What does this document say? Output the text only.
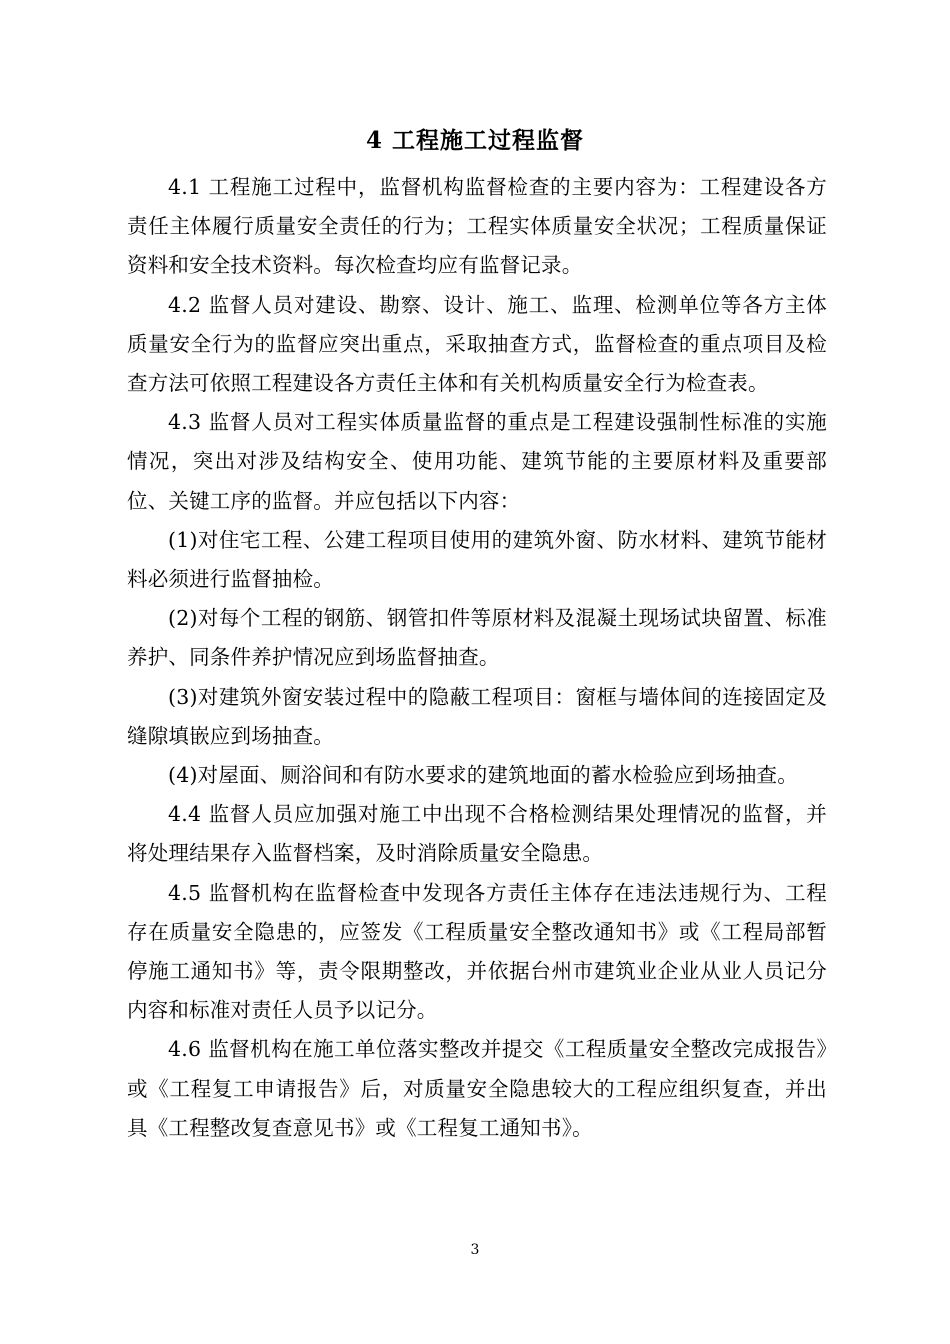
4 工程施工过程监督

4.1 工程施工过程中，监督机构监督检查的主要内容为：工程建设各方责任主体履行质量安全责任的行为；工程实体质量安全状况；工程质量保证资料和安全技术资料。每次检查均应有监督记录。

4.2 监督人员对建设、勘察、设计、施工、监理、检测单位等各方主体质量安全行为的监督应突出重点，采取抽查方式，监督检查的重点项目及检查方法可依照工程建设各方责任主体和有关机构质量安全行为检查表。

4.3 监督人员对工程实体质量监督的重点是工程建设强制性标准的实施情况，突出对涉及结构安全、使用功能、建筑节能的主要原材料及重要部位、关键工序的监督。并应包括以下内容：

(1)对住宅工程、公建工程项目使用的建筑外窗、防水材料、建筑节能材料必须进行监督抽检。

(2)对每个工程的钢筋、钢管扣件等原材料及混凝土现场试块留置、标准养护、同条件养护情况应到场监督抽查。

(3)对建筑外窗安装过程中的隐蔽工程项目：窗框与墙体间的连接固定及缝隙填嵌应到场抽查。

(4)对屋面、厕浴间和有防水要求的建筑地面的蓄水检验应到场抽查。

4.4 监督人员应加强对施工中出现不合格检测结果处理情况的监督，并将处理结果存入监督档案，及时消除质量安全隐患。

4.5 监督机构在监督检查中发现各方责任主体存在违法违规行为、工程存在质量安全隐患的，应签发《工程质量安全整改通知书》或《工程局部暂停施工通知书》等，责令限期整改，并依据台州市建筑业企业从业人员记分内容和标准对责任人员予以记分。

4.6 监督机构在施工单位落实整改并提交《工程质量安全整改完成报告》或《工程复工申请报告》后，对质量安全隐患较大的工程应组织复查，并出具《工程整改复查意见书》或《工程复工通知书》。

3
